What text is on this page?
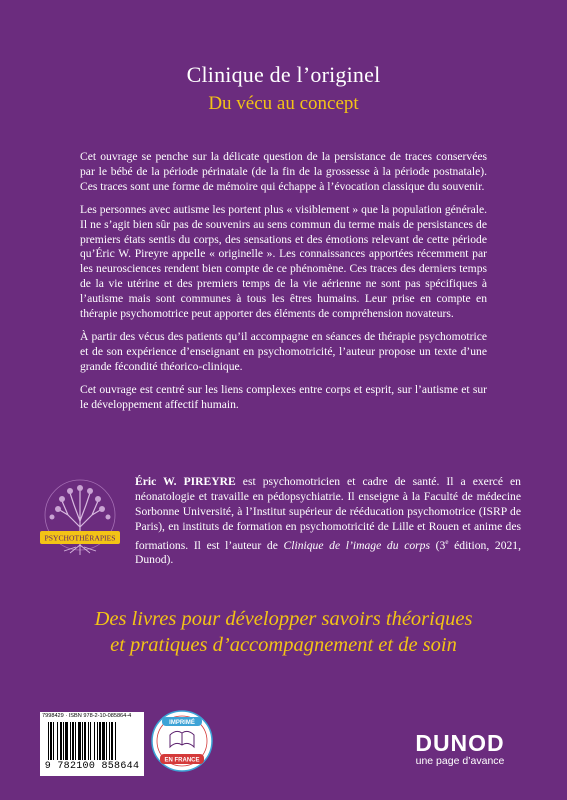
Clinique de l’originel
Du vécu au concept

Cet ouvrage se penche sur la délicate question de la persistance de traces conservées par le bébé de la période périnatale (de la fin de la grossesse à la période postnatale). Ces traces sont une forme de mémoire qui échappe à l’évocation classique du souvenir.

Les personnes avec autisme les portent plus « visiblement » que la population générale. Il ne s’agit bien sûr pas de souvenirs au sens commun du terme mais de persistances de premiers états sentis du corps, des sensations et des émotions relevant de cette période qu’Éric W. Pireyre appelle « originelle ». Les connaissances apportées récemment par les neurosciences rendent bien compte de ce phénomène. Ces traces des derniers temps de la vie utérine et des premiers temps de la vie aérienne ne sont pas spécifiques à l’autisme mais sont communes à tous les êtres humains. Leur prise en compte en thérapie psychomotrice peut apporter des éléments de compréhension novateurs.

À partir des vécus des patients qu’il accompagne en séances de thérapie psychomotrice et de son expérience d’enseignant en psychomotricité, l’auteur propose un texte d’une grande fécondité théorico-clinique.

Cet ouvrage est centré sur les liens complexes entre corps et esprit, sur l’autisme et sur le développement affectif humain.

PSYCHOTHÉRAPIES
Éric W. PIREYRE est psychomotricien et cadre de santé. Il a exercé en néonatologie et travaille en pédopsychiatrie. Il enseigne à la Faculté de médecine Sorbonne Université, à l’Institut supérieur de rééducation psychomotrice (ISRP de Paris), en instituts de formation en psychomotricité de Lille et Rouen et anime des formations. Il est l’auteur de Clinique de l’image du corps (3e édition, 2021, Dunod).
Des livres pour développer savoirs théoriques
et pratiques d’accompagnement et de soin
7998429 · ISBN 978-2-10-085864-4
9 782100 858644
IMPRIMÉ
EN FRANCE
DUNOD
une page d’avance
